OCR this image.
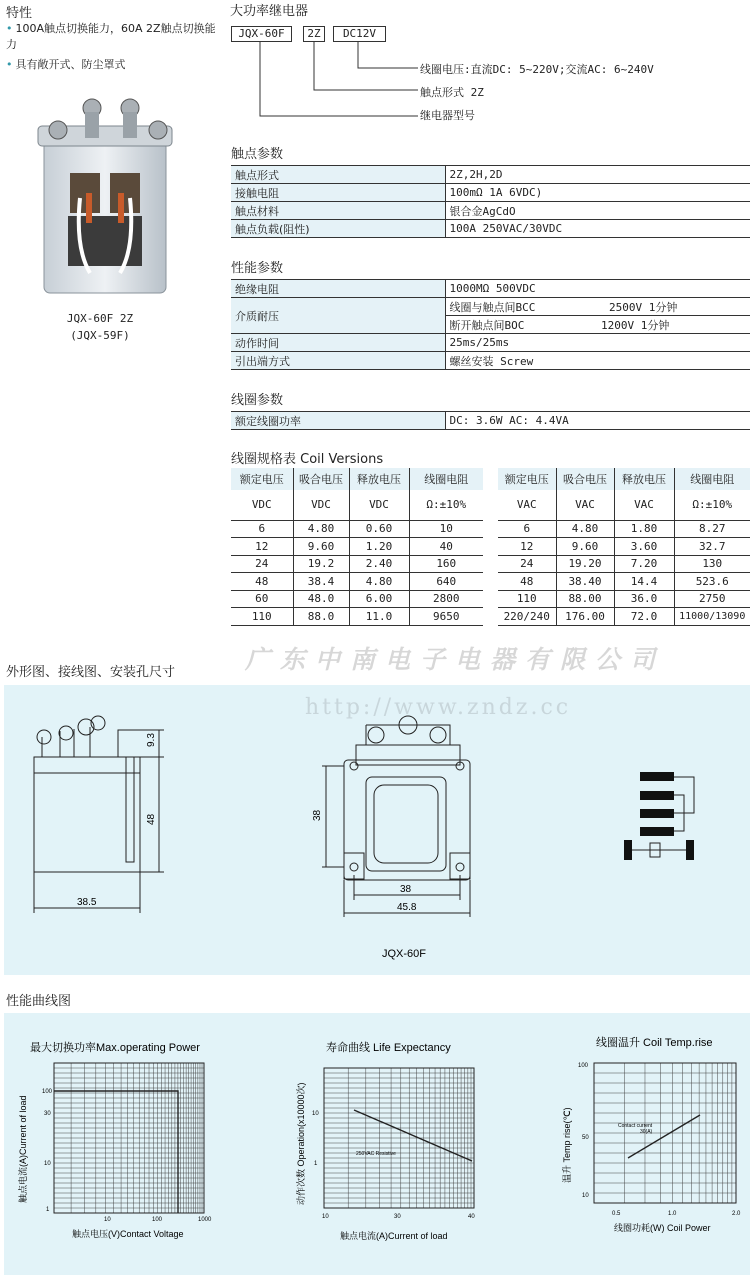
特性
• 100A触点切换能力，60A 2Z触点切换能力
• 具有敞开式、防尘罩式
JQX-60F 2Z
(JQX-59F)
大功率继电器
JQX-60F	2Z	DC12V
线圈电压:直流DC: 5~220V;交流AC: 6~240V
触点形式 2Z
继电器型号
触点参数
触点形式	2Z,2H,2D
接触电阻	100mΩ 1A 6VDC)
触点材料	银合金AgCdO
触点负载(阻性)	100A 250VAC/30VDC
性能参数
绝缘电阻	1000MΩ 500VDC
介质耐压	线圈与触点间BCC 2500V 1分钟

	断开触点间BOC 1200V 1分钟

动作时间	25ms/25ms
引出端方式	螺丝安装 Screw
线圈参数
额定线圈功率	DC: 3.6W AC: 4.4VA
线圈规格表 Coil Versions
额定电压	吸合电压	释放电压	线圈电阻
VDC	VDC	VDC	Ω:±10%
6	4.80	0.60	10
12	9.60	1.20	40
24	19.2	2.40	160
48	38.4	4.80	640
60	48.0	6.00	2800
110	88.0	11.0	9650
额定电压	吸合电压	释放电压	线圈电阻
VAC	VAC	VAC	Ω:±10%
6	4.80	1.80	8.27
12	9.60	3.60	32.7
24	19.20	7.20	130
48	38.40	14.4	523.6
110	88.00	36.0	2750
220/240	176.00	72.0	11000/13090
外形图、接线图、安装孔尺寸	广东中南电子电器有限公司
http://www.zndz.cc
9.3
48
38.5
38
38
45.8
JQX-60F
性能曲线图
最大切换功率Max.operating Power
触点电流(A)Current of load
触点电压(V)Contact Voltage
100
30
10
1
10	100	1000
寿命曲线 Life Expectancy
250VAC Resistive
动作次数 Operation(x10000次)
触点电流(A)Current of load
10
1
10	30	40
线圈温升 Coil Temp.rise
Contact current
30(A)
温升 Temp rise(℃)
线圈功耗(W) Coil Power
100
50
10
0.5	1.0	2.0
